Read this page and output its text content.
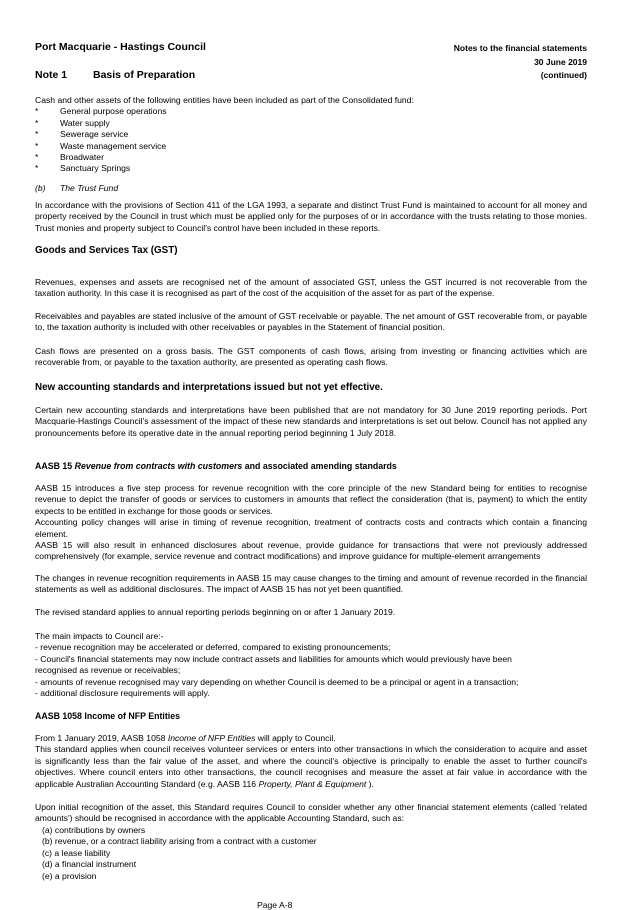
Port Macquarie - Hastings Council	Notes to the financial statements
30 June 2019
(continued)
Note 1 Basis of Preparation
Cash and other assets of the following entities have been included as part of the Consolidated fund:
*	General purpose operations
*	Water supply
*	Sewerage service
*	Waste management service
*	Broadwater
*	Sanctuary Springs
(b) The Trust Fund
In accordance with the provisions of Section 411 of the LGA 1993, a separate and distinct Trust Fund is maintained to account for all money and property received by the Council in trust which must be applied only for the purposes of or in accordance with the trusts relating to those monies. Trust monies and property subject to Council's control have been included in these reports.
Goods and Services Tax (GST)
Revenues, expenses and assets are recognised net of the amount of associated GST, unless the GST incurred is not recoverable from the taxation authority. In this case it is recognised as part of the cost of the acquisition of the asset for as part of the expense.
Receivables and payables are stated inclusive of the amount of GST receivable or payable. The net amount of GST recoverable from, or payable to, the taxation authority is included with other receivables or payables in the Statement of financial position.
Cash flows are presented on a gross basis. The GST components of cash flows, arising from investing or financing activities which are recoverable from, or payable to the taxation authority, are presented as operating cash flows.
New accounting standards and interpretations issued but not yet effective.
Certain new accounting standards and interpretations have been published that are not mandatory for 30 June 2019 reporting periods. Port Macquarie-Hastings Council's assessment of the impact of these new standards and interpretations is set out below. Council has not applied any pronouncements before its operative date in the annual reporting period beginning 1 July 2018.
AASB 15 Revenue from contracts with customers and associated amending standards
AASB 15 introduces a five step process for revenue recognition with the core principle of the new Standard being for entities to recognise revenue to depict the transfer of goods or services to customers in amounts that reflect the consideration (that is, payment) to which the entity expects to be entitled in exchange for those goods or services.
Accounting policy changes will arise in timing of revenue recognition, treatment of contracts costs and contracts which contain a financing element.
AASB 15 will also result in enhanced disclosures about revenue, provide guidance for transactions that were not previously addressed comprehensively (for example, service revenue and contract modifications) and improve guidance for multiple-element arrangements
The changes in revenue recognition requirements in AASB 15 may cause changes to the timing and amount of revenue recorded in the financial statements as well as additional disclosures. The impact of AASB 15 has not yet been quantified.
The revised standard applies to annual reporting periods beginning on or after 1 January 2019.
The main impacts to Council are:-
- revenue recognition may be accelerated or deferred, compared to existing pronouncements;
- Council's financial statements may now include contract assets and liabilities for amounts which would previously have been
recognised as revenue or receivables;
- amounts of revenue recognised may vary depending on whether Council is deemed to be a principal or agent in a transaction;
- additional disclosure requirements will apply.
AASB 1058 Income of NFP Entities
From 1 January 2019, AASB 1058 Income of NFP Entities will apply to Council.
This standard applies when council receives volunteer services or enters into other transactions in which the consideration to acquire and asset is significantly less than the fair value of the asset, and where the council's objective is principally to enable the asset to further council's objectives. Where council enters into other transactions, the council recognises and measure the asset at fair value in accordance with the applicable Australian Accounting Standard (e.g. AASB 116 Property, Plant & Equipment ).
Upon initial recognition of the asset, this Standard requires Council to consider whether any other financial statement elements (called 'related amounts') should be recognised in accordance with the applicable Accounting Standard, such as:
(a) contributions by owners
(b) revenue, or a contract liability arising from a contract with a customer
(c) a lease liability
(d) a financial instrument
(e) a provision
Page A-8
